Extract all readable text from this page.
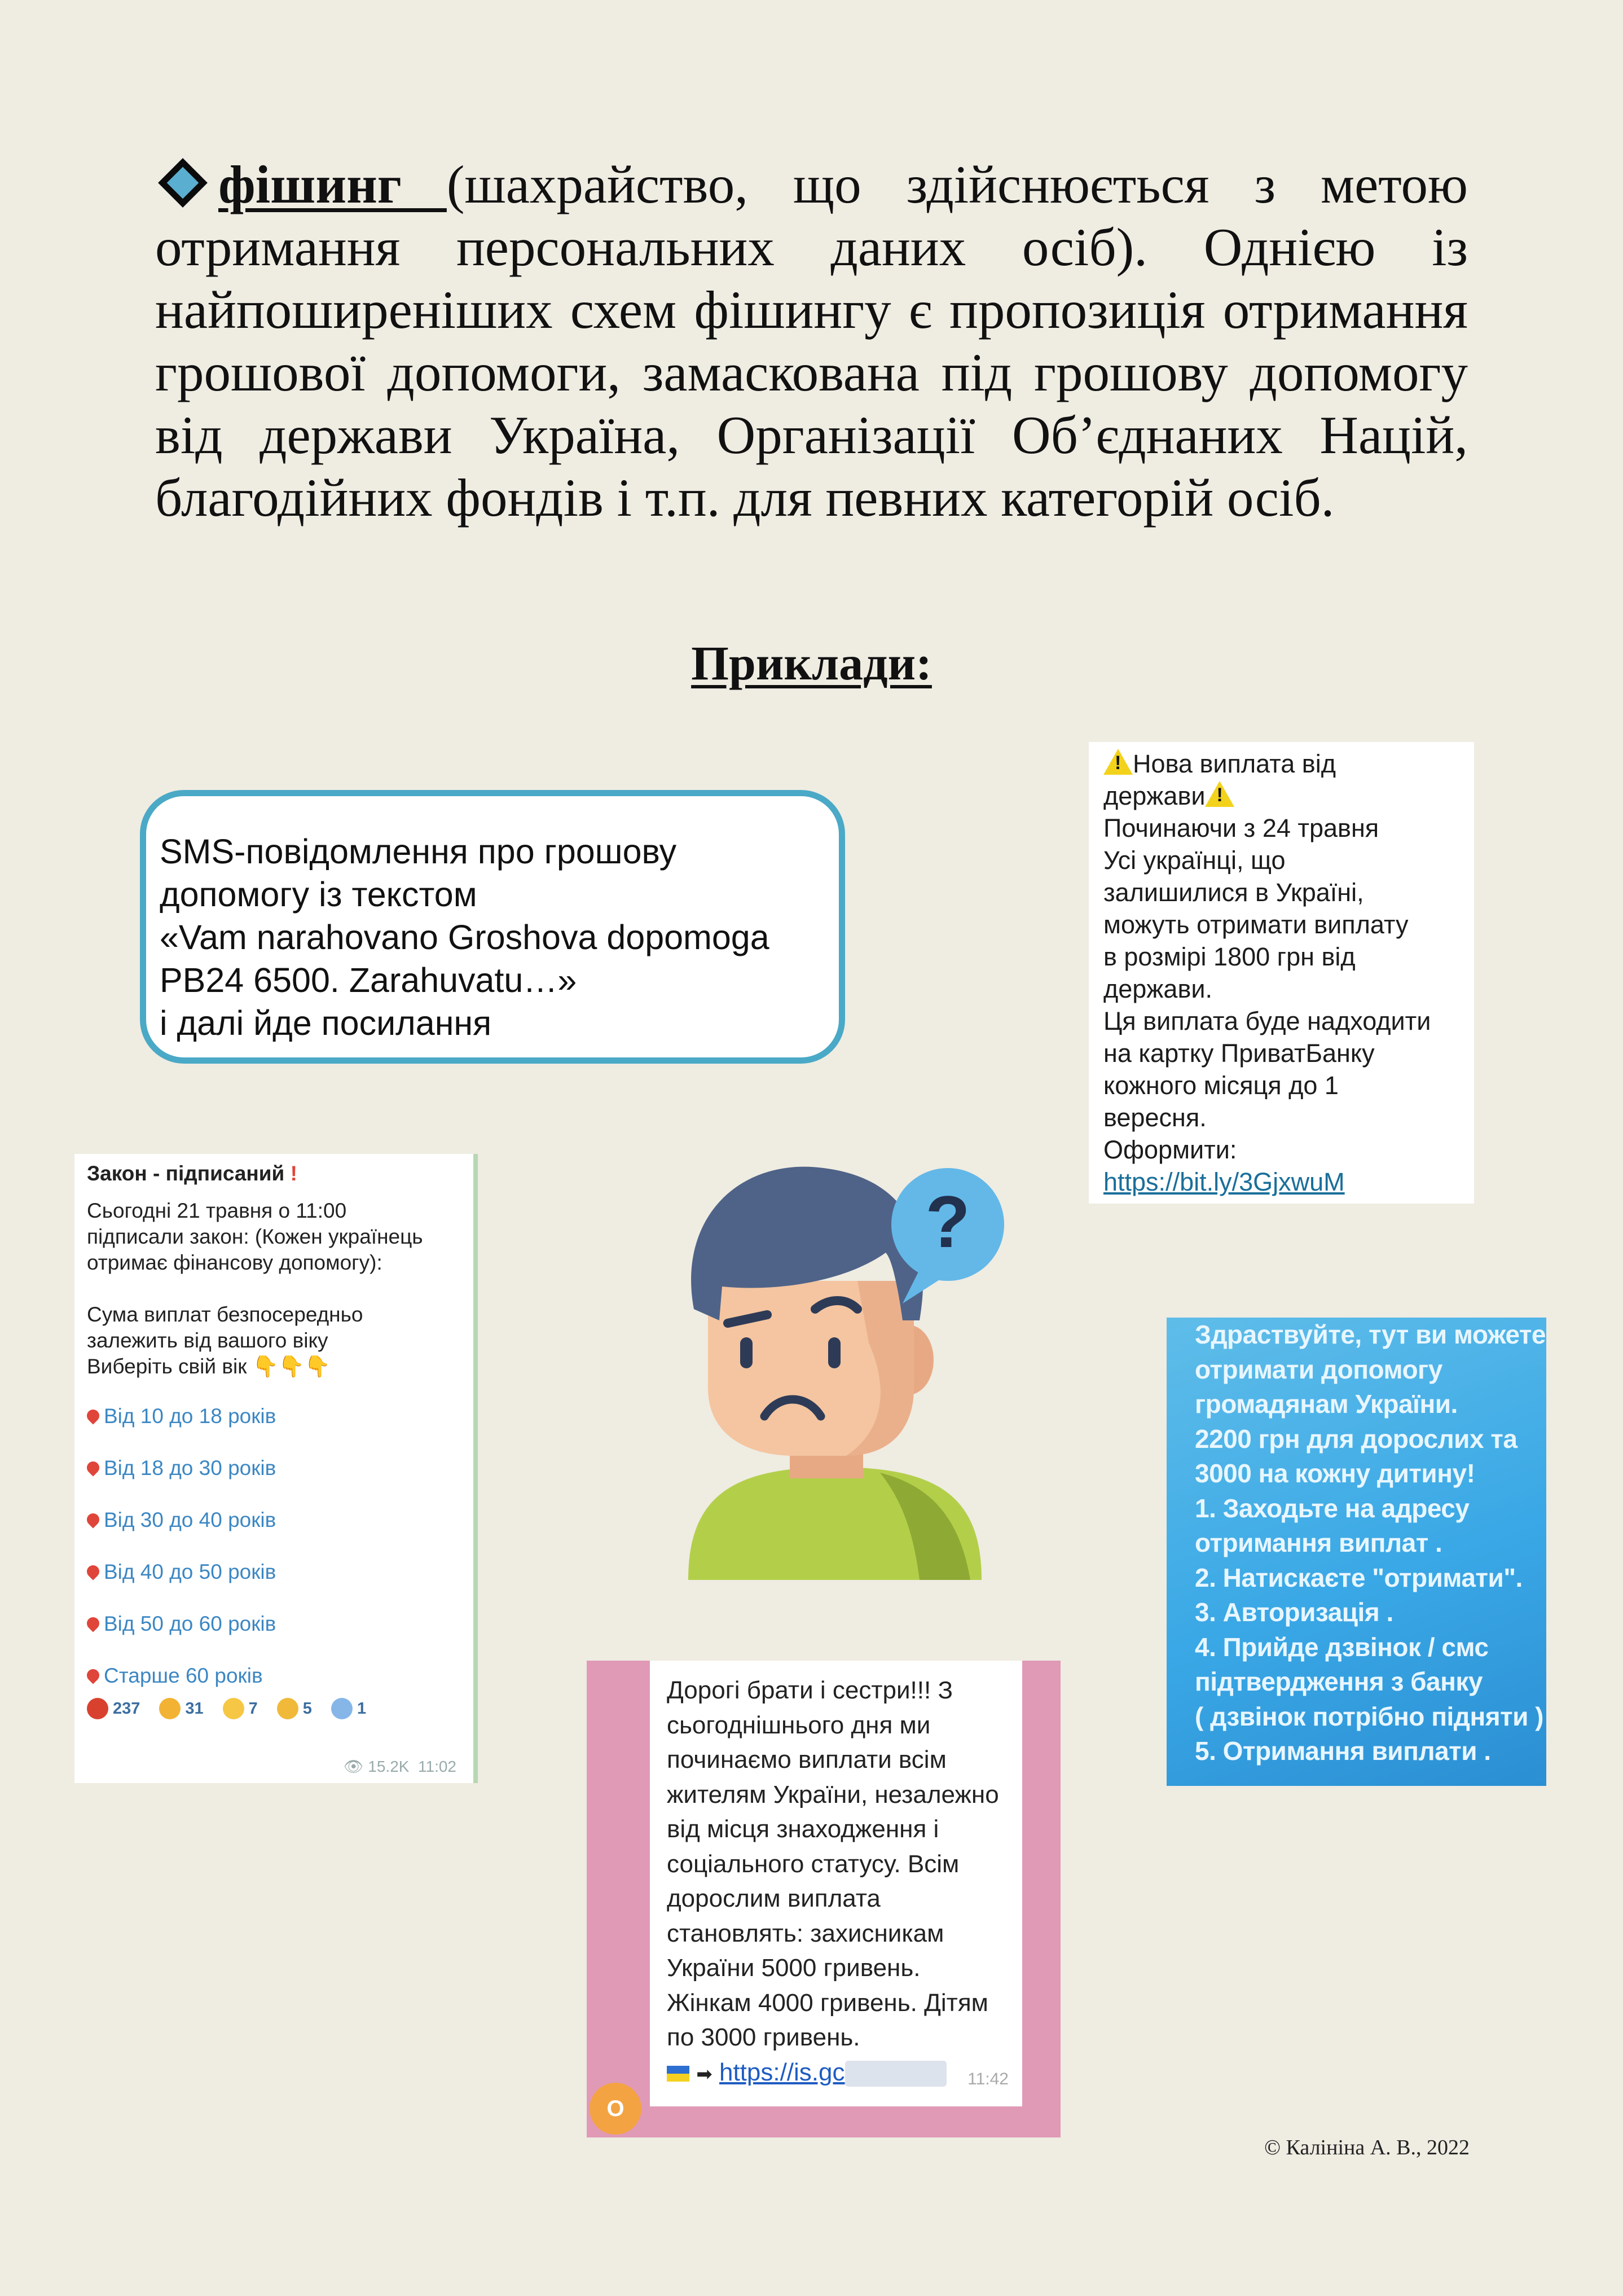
фішинг (шахрайство, що здійснюється з метою отримання персональних даних осіб). Однією із найпоширеніших схем фішингу є пропозиція отримання грошової допомоги, замаскована під грошову допомогу від держави Україна, Організації Об’єднаних Націй, благодійних фондів і т.п. для певних категорій осіб.

Приклади:
SMS-повідомлення про грошову
допомогу із текстом
«Vam narahovano Groshova dopomoga
PB24 6500. Zarahuvatu…»
і далі йде посилання
!Нова виплата від
держави!
Починаючи з 24 травня
Усі українці, що
залишилися в Україні,
можуть отримати виплату
в розмірі 1800 грн від
держави.
Ця виплата буде надходити
на картку ПриватБанку
кожного місяця до 1
вересня.
Оформити:
https://bit.ly/3GjxwuM
Закон - підписаний !
Сьогодні 21 травня о 11:00
підписали закон: (Кожен українець
отримає фінансову допомогу):
Сума виплат безпосередньо
залежить від вашого віку
Виберіть свій вік 👇👇👇
Від 10 до 18 років
Від 18 до 30 років
Від 30 до 40 років
Від 40 до 50 років
Від 50 до 60 років
Старше 60 років
237	31	7	5	1
👁 15.2K 11:02
?
Здраствуйте, тут ви можете
отримати допомогу
громадянам України.
2200 грн для дорослих та
3000 на кожну дитину!
1. Заходьте на адресу
отримання виплат .
2. Натискаєте "отримати".
3. Авторизація .
4. Прийде дзвінок / смс
підтвердження з банку
( дзвінок потрібно підняти )
5. Отримання виплати .
Дорогі брати і сестри!!! З
сьогоднішнього дня ми
починаємо виплати всім
жителям України, незалежно
від місця знаходження і
соціального статусу. Всім
дорослим виплата
становлять: захисникам
України 5000 гривень.
Жінкам 4000 гривень. Дітям
по 3000 гривень.
➡ https://is.gc	11:42
О
© Калініна А. В., 2022
